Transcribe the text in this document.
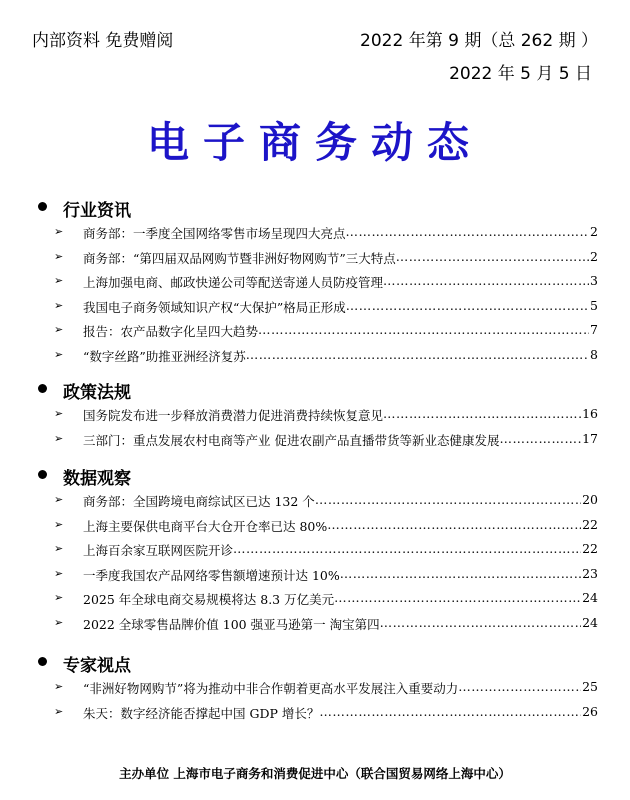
内部资料 免费赠阅	2022 年第 9 期（总 262 期 ）
2022 年 5 月 5 日
电子商务动态
行业资讯
➢ 商务部：一季度全国网络零售市场呈现四大亮点 ……………………………………………………………………………………………………………………………………	2
➢ 商务部：“第四届双品网购节暨非洲好物网购节”三大特点 ……………………………………………………………………………………………………………………………………	2
➢ 上海加强电商、邮政快递公司等配送寄递人员防疫管理 ……………………………………………………………………………………………………………………………………	3
➢ 我国电子商务领域知识产权“大保护”格局正形成 ……………………………………………………………………………………………………………………………………	5
➢ 报告：农产品数字化呈四大趋势 ……………………………………………………………………………………………………………………………………	7
➢ “数字丝路”助推亚洲经济复苏 ……………………………………………………………………………………………………………………………………	8
政策法规
➢ 国务院发布进一步释放消费潜力促进消费持续恢复意见 ……………………………………………………………………………………………………………………………………	16
➢ 三部门：重点发展农村电商等产业 促进农副产品直播带货等新业态健康发展 ……………………………………………………………………………………………………………………………………	17
数据观察
➢ 商务部：全国跨境电商综试区已达 132 个 ……………………………………………………………………………………………………………………………………	20
➢ 上海主要保供电商平台大仓开仓率已达 80% ……………………………………………………………………………………………………………………………………	22
➢ 上海百余家互联网医院开诊 ……………………………………………………………………………………………………………………………………	22
➢ 一季度我国农产品网络零售额增速预计达 10% ……………………………………………………………………………………………………………………………………	23
➢ 2025 年全球电商交易规模将达 8.3 万亿美元 ……………………………………………………………………………………………………………………………………	24
➢ 2022 全球零售品牌价值 100 强亚马逊第一 淘宝第四 ……………………………………………………………………………………………………………………………………	24
专家视点
➢ “非洲好物网购节”将为推动中非合作朝着更高水平发展注入重要动力 ……………………………………………………………………………………………………………………………………	25
➢ 朱天：数字经济能否撑起中国 GDP 增长？ ……………………………………………………………………………………………………………………………………	26
主办单位 上海市电子商务和消费促进中心（联合国贸易网络上海中心）
